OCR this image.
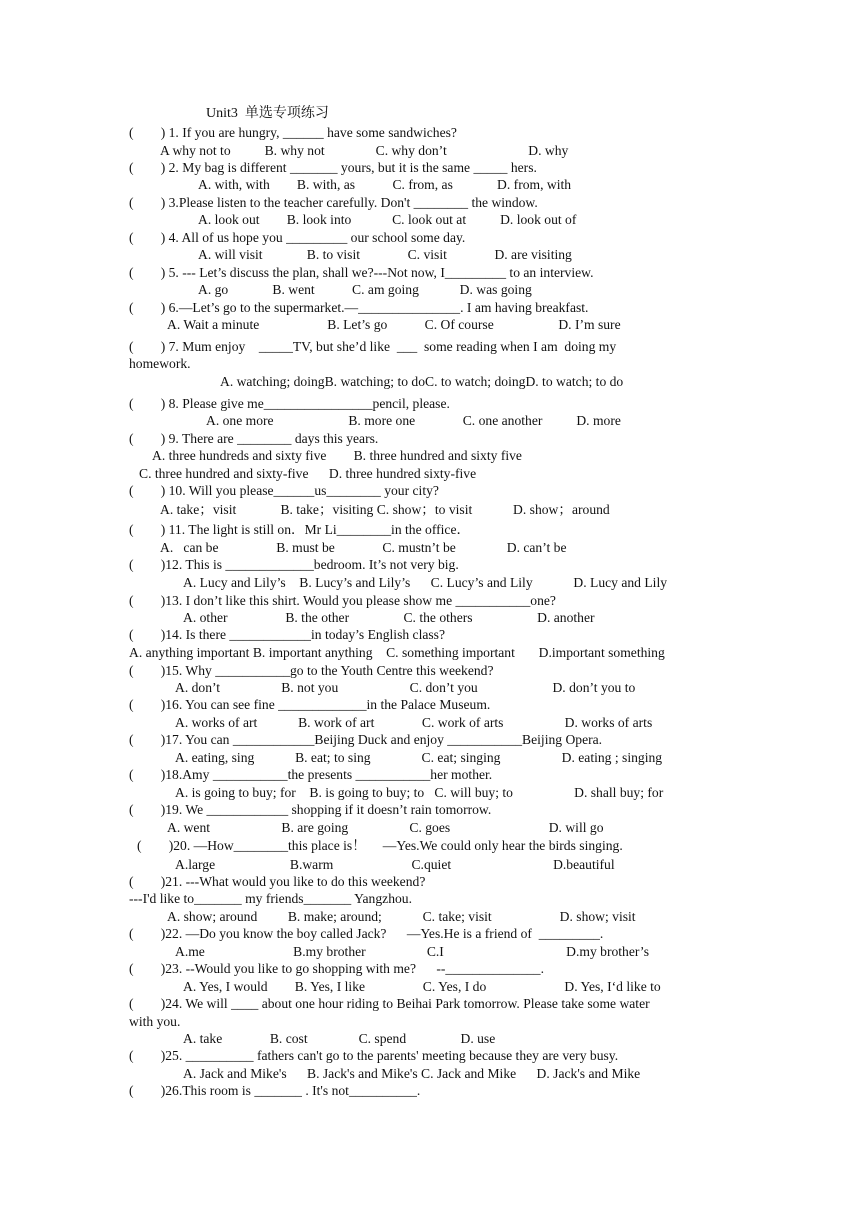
Unit3  单选专项练习
(        ) 1. If you are hungry, ______ have some sandwiches?
A why not to          B. why not               C. why don’t                        D. why
(        ) 2. My bag is different _______ yours, but it is the same _____ hers.
A. with, with        B. with, as           C. from, as             D. from, with
(        ) 3.Please listen to the teacher carefully. Don't ________ the window.
A. look out        B. look into            C. look out at          D. look out of
(        ) 4. All of us hope you _________ our school some day.
A. will visit             B. to visit              C. visit              D. are visiting
(        ) 5. --- Let’s discuss the plan, shall we?---Not now, I_________ to an interview.
A. go             B. went           C. am going            D. was going
(        ) 6.—Let’s go to the supermarket.—_______________. I am having breakfast.
A. Wait a minute                    B. Let’s go           C. Of course                   D. I’m sure
(        ) 7. Mum enjoy    _____TV, but she’d like  ___  some reading when I am  doing my
homework.
A. watching; doingB. watching; to doC. to watch; doingD. to watch; to do
(        ) 8. Please give me________________pencil, please.
A. one more                      B. more one              C. one another          D. more
(        ) 9. There are ________ days this years.
A. three hundreds and sixty five        B. three hundred and sixty five
C. three hundred and sixty-five      D. three hundred sixty-five
(        ) 10. Will you please______us________ your city?
A. take；visit             B. take；visiting C. show；to visit            D. show；around
(        ) 11. The light is still on．Mr Li________in the office．
A.   can be                 B. must be              C. mustn’t be               D. can’t be
(        )12. This is _____________bedroom. It’s not very big.
A. Lucy and Lily’s    B. Lucy’s and Lily’s      C. Lucy’s and Lily            D. Lucy and Lily
(        )13. I don’t like this shirt. Would you please show me ___________one?
A. other                 B. the other                C. the others                   D. another
(        )14. Is there ____________in today’s English class?
A. anything important B. important anything    C. something important       D.important something
(        )15. Why ___________go to the Youth Centre this weekend?
A. don’t                  B. not you                     C. don’t you                      D. don’t you to
(        )16. You can see fine _____________in the Palace Museum.
A. works of art            B. work of art              C. work of arts                  D. works of arts
(        )17. You can ____________Beijing Duck and enjoy ___________Beijing Opera.
A. eating, sing            B. eat; to sing               C. eat; singing                  D. eating ; singing
(        )18.Amy ___________the presents ___________her mother.
A. is going to buy; for    B. is going to buy; to   C. will buy; to                  D. shall buy; for
(        )19. We ____________ shopping if it doesn’t rain tomorrow.
A. went                     B. are going                  C. goes                             D. will go
(        )20. —How________this place is！     —Yes.We could only hear the birds singing.
A.large                      B.warm                       C.quiet                              D.beautiful
(        )21. ---What would you like to do this weekend?
---I'd like to_______ my friends_______ Yangzhou.
A. show; around         B. make; around;            C. take; visit                    D. show; visit
(        )22. —Do you know the boy called Jack?      —Yes.He is a friend of  _________.
A.me                          B.my brother                  C.I                                    D.my brother’s
(        )23. --Would you like to go shopping with me?      --______________.
A. Yes, I would        B. Yes, I like                 C. Yes, I do                       D. Yes, I‘d like to
(        )24. We will ____ about one hour riding to Beihai Park tomorrow. Please take some water
with you.
A. take              B. cost               C. spend                D. use
(        )25. __________ fathers can't go to the parents' meeting because they are very busy.
A. Jack and Mike's      B. Jack's and Mike's C. Jack and Mike      D. Jack's and Mike
(        )26.This room is _______ . It's not__________.
